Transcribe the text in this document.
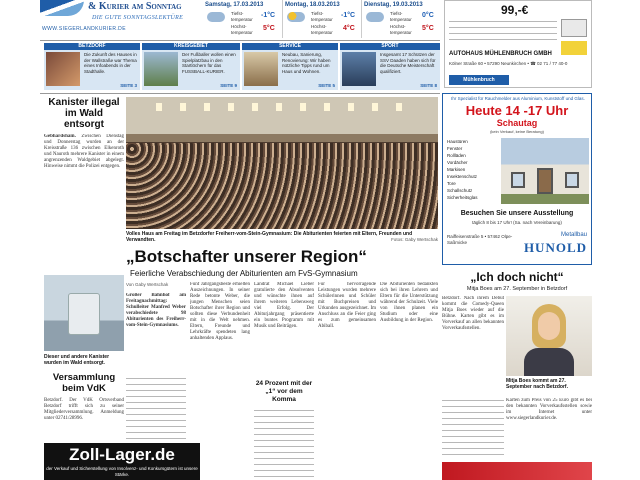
& Kurier am Sonntag
DIE GUTE SONNTAGSLEKTÜRE
WWW.SIEGERLANDKURIER.DE
Samstag, 17.03.2013
Tiefst-temperatur
-1°C
Höchst-temperatur
5°C
Montag, 18.03.2013
Tiefst-temperatur
-1°C
Höchst-temperatur
4°C
Dienstag, 19.03.2013
Tiefst-temperatur
0°C
Höchst-temperatur
5°C
99,-€
AUTOHAUS MÜHLENBRUCH GMBH
Kölner Straße 60 • 57290 Neunkirchen • ☎ 02 71 / 77 40-0
Mühlenbruch
BETZDORF
Die Zukunft des Hauses in der Wallstraße war Thema eines Infoabends in der Stadthalle.
SEITE 3
KREISGEBIET
Der Fußballer wollen einen Spielplatzbau in den Startlöchern für das FUSSBALL-KURIER.
SEITE 9
SERVICE
Neubau, Sanierung, Renovierung: Wir haben nützliche Tipps rund um Haus und Wohnen.
SEITE 5
SPORT
Insgesamt 17 Schützen der SSV Daaden haben sich für die Deutsche Meisterschaft qualifiziert.
SEITE 8
Kanister illegal im Wald entsorgt
Gebhardshain. Zwischen Dienstag und Donnerstag wurden an der Kreisstraße 136 zwischen Elkenroth und Nauroth mehrere Kanister in einem angrenzenden Waldgebiet abgelegt. Hinweise nimmt die Polizei entgegen.
Dieser und andere Kanister wurden im Wald entsorgt.
Versammlung beim VdK
Betzdorf. Der VdK Ortsverband Betzdorf trifft sich zu seiner Mitgliederversammlung. Anmeldung unter 02741/28996.
Volles Haus am Freitag im Betzdorfer Freiherr-vom-Stein-Gymnasium: Die Abiturienten feierten mit Eltern, Freunden und Verwandten.	Fotos: Gaby Wertschak
Ihr Spezialist für Rauchmelder aus Aluminium, Kunststoff und Glas.
Heute 14 -17 Uhr
Schautag
(kein Verkauf, keine Beratung)
Haustüren
Fenster
Rollläden
Vordächer
Markisen
Insektenschutz
Tore
Schallschutz
Sicherheitsglas
Besuchen Sie unsere Ausstellung
täglich 8 bis 17 Uhr! (Sa. nach Vereinbarung)
Raiffeisenstraße 5 • 57462 Olpe-Saßmicke
Metallbau
HUNOLD
„Botschafter unserer Region“
Feierliche Verabschiedung der Abiturienten am FvS-Gymnasium
Von Gaby Wertschak
Großer Bahnhof am Freitagnachmittag: Schulleiter Manfred Weber verabschiedete 98 Abiturienten des Freiherr-vom-Stein-Gymnasiums.
Fünf Jahrgangsbeste erhielten Auszeichnungen. In seiner Rede betonte Weber, die jungen Menschen seien Botschafter ihrer Region und sollten diese Verbundenheit mit in die Welt nehmen. Eltern, Freunde und Lehrkräfte spendeten lang anhaltenden Applaus.
Landrat Michael Lieber gratulierte den Absolventen und wünschte ihnen auf ihrem weiteren Lebensweg viel Erfolg. Der Abiturjahrgang präsentierte ein buntes Programm mit Musik und Beiträgen.
24 Prozent mit der „1“ vor dem Komma
Für hervorragende Leistungen wurden mehrere Schülerinnen und Schüler mit Buchpreisen und Urkunden ausgezeichnet. Im Anschluss an die Feier ging es zum gemeinsamen Abiball.
Die Abiturienten bedankten sich bei ihren Lehrern und Eltern für die Unterstützung während der Schulzeit. Viele von ihnen planen ein Studium oder eine Ausbildung in der Region.
„Ich doch nicht“
Mitja Boes am 27. September in Betzdorf
Betzdorf. Nach ihrem Debüt kommt die Comedy-Queen Mitja Boes wieder auf die Bühne. Karten gibt es im Vorverkauf an allen bekannten Vorverkaufsstellen.
Mitja Boes kommt am 27. September nach Betzdorf.
Karten zum Preis von 25 Euro gibt es bei den bekannten Vorverkaufsstellen sowie im Internet unter www.siegerlandkurier.de.
Zoll-Lager.de
der Verkauf und Sicherstellung von Insolvenz- und Konkursgütern ist unsere Stärke.
